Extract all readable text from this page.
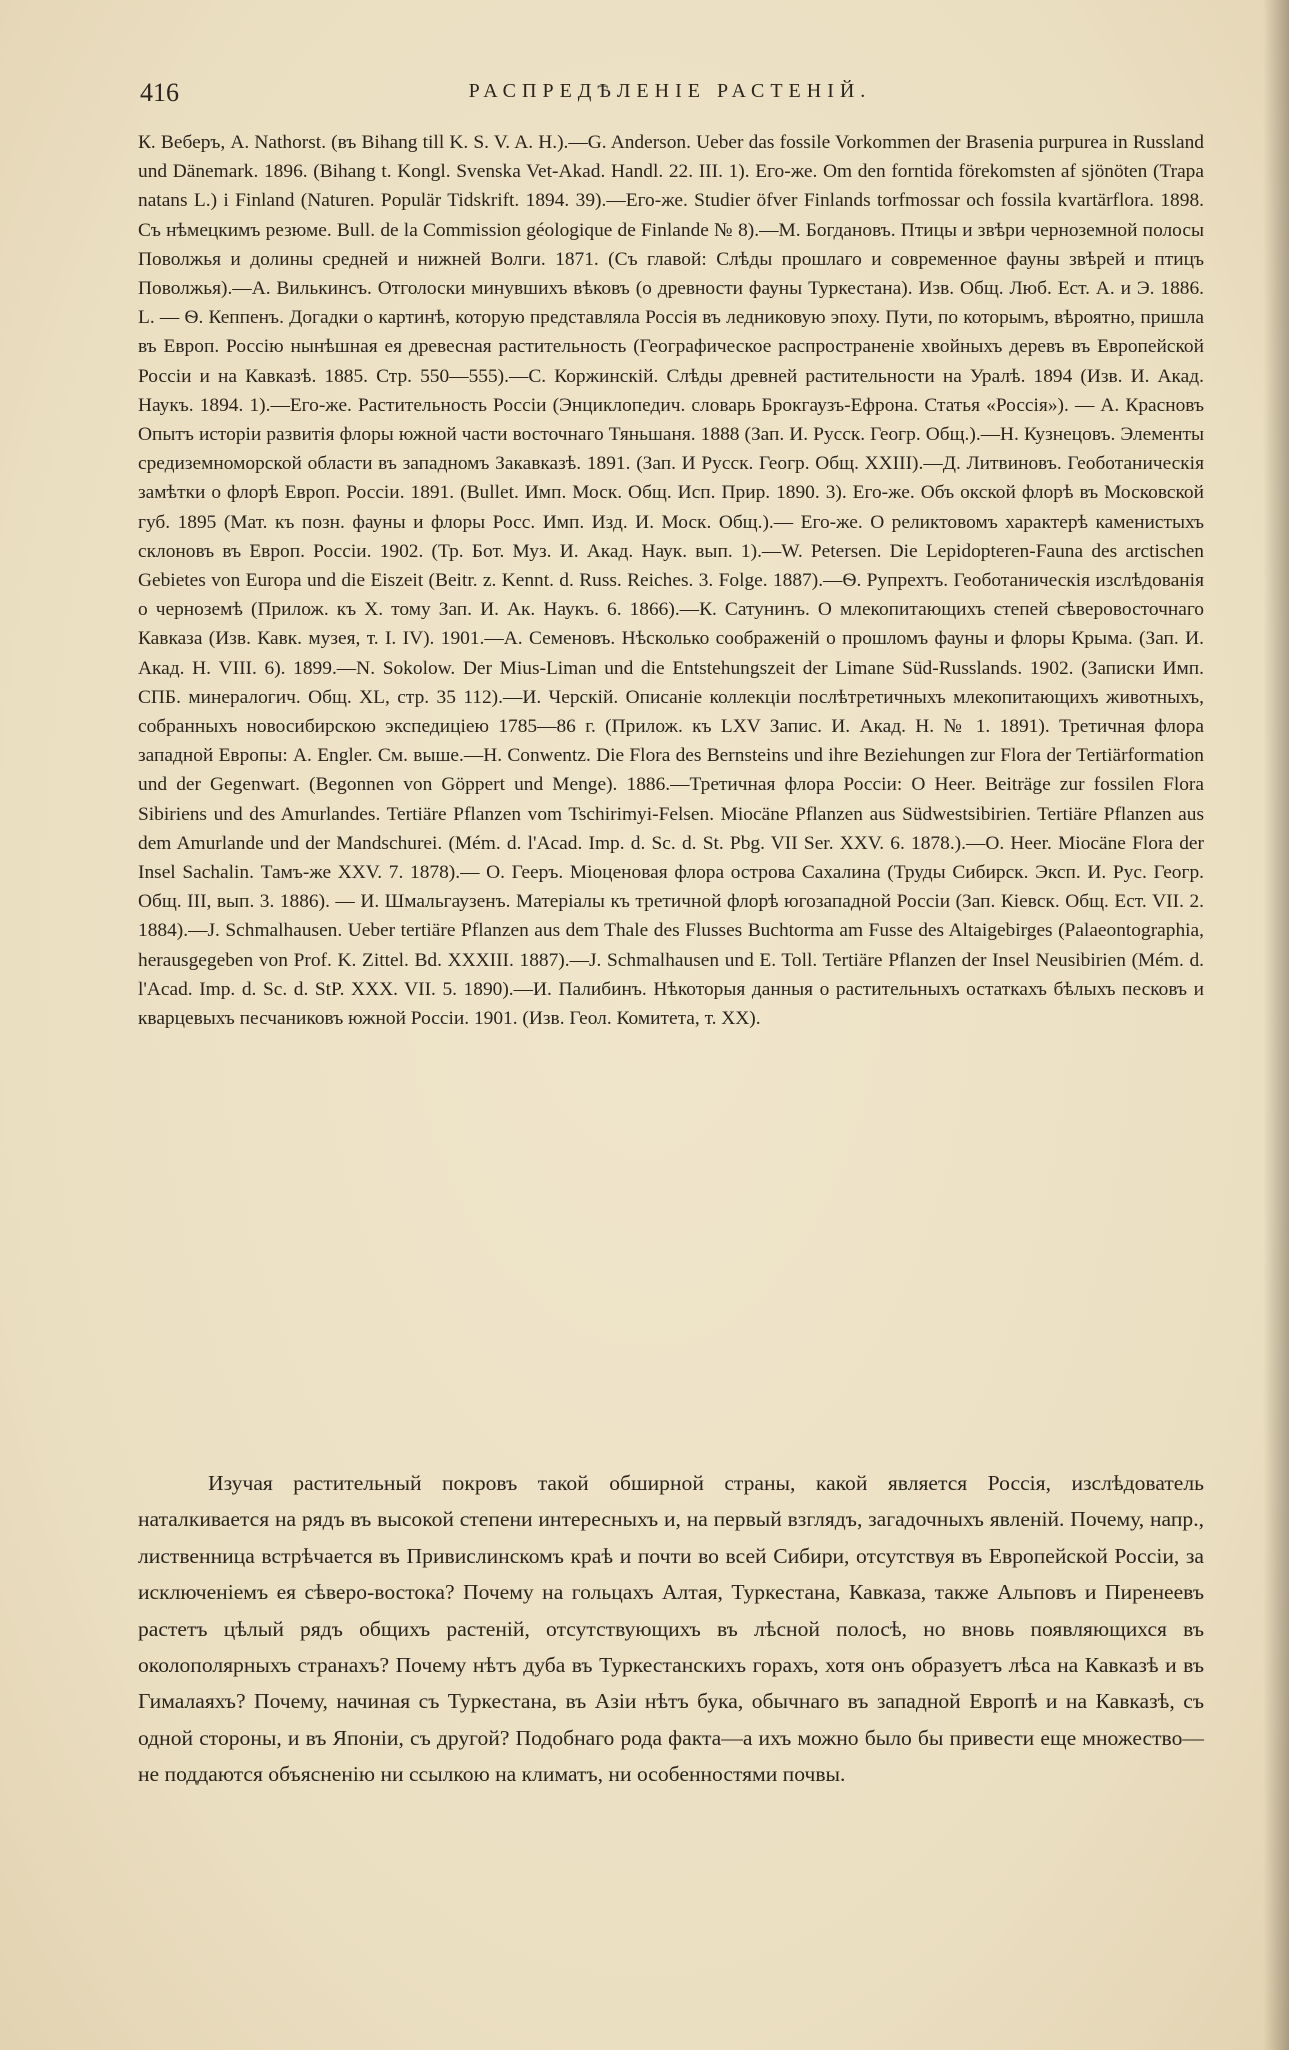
416	РАСПРЕДѢЛЕНІЕ РАСТЕНІЙ.

К. Веберъ, А. Nathorst. (въ Bihang till K. S. V. A. H.).—G. Anderson. Ueber das fossile Vorkommen der Brasenia purpurea in Russland und Dänemark. 1896. (Bihang t. Kongl. Svenska Vet-Akad. Handl. 22. III. 1). Его-же. Om den forntida förekomsten af sjönöten (Trapa natans L.) i Finland (Naturen. Populär Tidskrift. 1894. 39).—Его-же. Studier öfver Finlands torfmossar och fossila kvartärflora. 1898. Съ нѣмецкимъ резюме. Bull. de la Commission géologique de Finlande № 8).—М. Богдановъ. Птицы и звѣри черноземной полосы Поволжья и долины средней и нижней Волги. 1871. (Съ главой: Слѣды прошлаго и современное фауны звѣрей и птицъ Поволжья).—А. Вилькинсъ. Отголоски минувшихъ вѣковъ (о древности фауны Туркестана). Изв. Общ. Люб. Ест. А. и Э. 1886. L. — Ѳ. Кеппенъ. Догадки о картинѣ, которую представляла Россія въ ледниковую эпоху. Пути, по которымъ, вѣроятно, пришла въ Европ. Россію нынѣшная ея древесная растительность (Географическое распространеніе хвойныхъ деревъ въ Европейской Россіи и на Кавказѣ. 1885. Стр. 550—555).—С. Коржинскій. Слѣды древней растительности на Уралѣ. 1894 (Изв. И. Акад. Наукъ. 1894. 1).—Его-же. Растительность Россіи (Энциклопедич. словарь Брокгаузъ-Ефрона. Статья «Россія»). — А. Красновъ Опытъ исторіи развитія флоры южной части восточнаго Тяньшаня. 1888 (Зап. И. Русск. Геогр. Общ.).—Н. Кузнецовъ. Элементы средиземноморской области въ западномъ Закавказѣ. 1891. (Зап. И Русск. Геогр. Общ. XXIII).—Д. Литвиновъ. Геоботаническія замѣтки о флорѣ Европ. Россіи. 1891. (Bullet. Имп. Моск. Общ. Исп. Прир. 1890. 3). Его-же. Объ окской флорѣ въ Московской губ. 1895 (Мат. къ позн. фауны и флоры Росс. Имп. Изд. И. Моск. Общ.).— Его-же. О реликтовомъ характерѣ каменистыхъ склоновъ въ Европ. Россіи. 1902. (Тр. Бот. Муз. И. Акад. Наук. вып. 1).—W. Petersen. Die Lepidopteren-Fauna des arctischen Gebietes von Europa und die Eiszeit (Beitr. z. Kennt. d. Russ. Reiches. 3. Folge. 1887).—Ѳ. Рупрехтъ. Геоботаническія изслѣдованія о черноземѣ (Прилож. къ X. тому Зап. И. Ак. Наукъ. 6. 1866).—К. Сатунинъ. О млекопитающихъ степей сѣверовосточнаго Кавказа (Изв. Кавк. музея, т. I. IV). 1901.—А. Семеновъ. Нѣсколько соображеній о прошломъ фауны и флоры Крыма. (Зап. И. Акад. Н. VIII. 6). 1899.—N. Sokolow. Der Mius-Liman und die Entstehungszeit der Limane Süd-Russlands. 1902. (Записки Имп. СПБ. минералогич. Общ. XL, стр. 35 112).—И. Черскій. Описаніе коллекціи послѣтретичныхъ млекопитающихъ животныхъ, собранныхъ новосибирскою экспедиціею 1785—86 г. (Прилож. къ LXV Запис. И. Акад. Н. № 1. 1891). Третичная флора западной Европы: A. Engler. См. выше.—H. Conwentz. Die Flora des Bernsteins und ihre Beziehungen zur Flora der Tertiärformation und der Gegenwart. (Begonnen von Göppert und Menge). 1886.—Третичная флора Россіи: O Heer. Beiträge zur fossilen Flora Sibiriens und des Amurlandes. Tertiäre Pflanzen vom Tschirimyi-Felsen. Miocäne Pflanzen aus Südwestsibirien. Tertiäre Pflanzen aus dem Amurlande und der Mandschurei. (Mém. d. l'Acad. Imp. d. Sc. d. St. Pbg. VII Ser. XXV. 6. 1878.).—О. Heer. Miocäne Flora der Insel Sachalin. Тамъ-же XXV. 7. 1878).— О. Гееръ. Міоценовая флора острова Сахалина (Труды Сибирск. Эксп. И. Рус. Геогр. Общ. III, вып. 3. 1886). — И. Шмальгаузенъ. Матеріалы къ третичной флорѣ югозападной Россіи (Зап. Кіевск. Общ. Ест. VII. 2. 1884).—J. Schmalhausen. Ueber tertiäre Pflanzen aus dem Thale des Flusses Buchtorma am Fusse des Altaigebirges (Palaeontographia, herausgegeben von Prof. K. Zittel. Bd. XXXIII. 1887).—J. Schmalhausen und E. Toll. Tertiäre Pflanzen der Insel Neusibirien (Mém. d. l'Acad. Imp. d. Sc. d. StP. XXX. VII. 5. 1890).—И. Палибинъ. Нѣкоторыя данныя о растительныхъ остаткахъ бѣлыхъ песковъ и кварцевыхъ песчаниковъ южной Россіи. 1901. (Изв. Геол. Комитета, т. XX).

Изучая растительный покровъ такой обширной страны, какой является Россія, изслѣдователь наталкивается на рядъ въ высокой степени интересныхъ и, на первый взглядъ, загадочныхъ явленій. Почему, напр., лиственница встрѣчается въ Привислинскомъ краѣ и почти во всей Сибири, отсутствуя въ Европейской Россіи, за исключеніемъ ея сѣверо-востока? Почему на гольцахъ Алтая, Туркестана, Кавказа, также Альповъ и Пиренеевъ растетъ цѣлый рядъ общихъ растеній, отсутствующихъ въ лѣсной полосѣ, но вновь появляющихся въ околополярныхъ странахъ? Почему нѣтъ дуба въ Туркестанскихъ горахъ, хотя онъ образуетъ лѣса на Кавказѣ и въ Гималаяхъ? Почему, начиная съ Туркестана, въ Азіи нѣтъ бука, обычнаго въ западной Европѣ и на Кавказѣ, съ одной стороны, и въ Японіи, съ другой? Подобнаго рода факта—а ихъ можно было бы привести еще множество—не поддаются объясненію ни ссылкою на климатъ, ни особенностями почвы.
